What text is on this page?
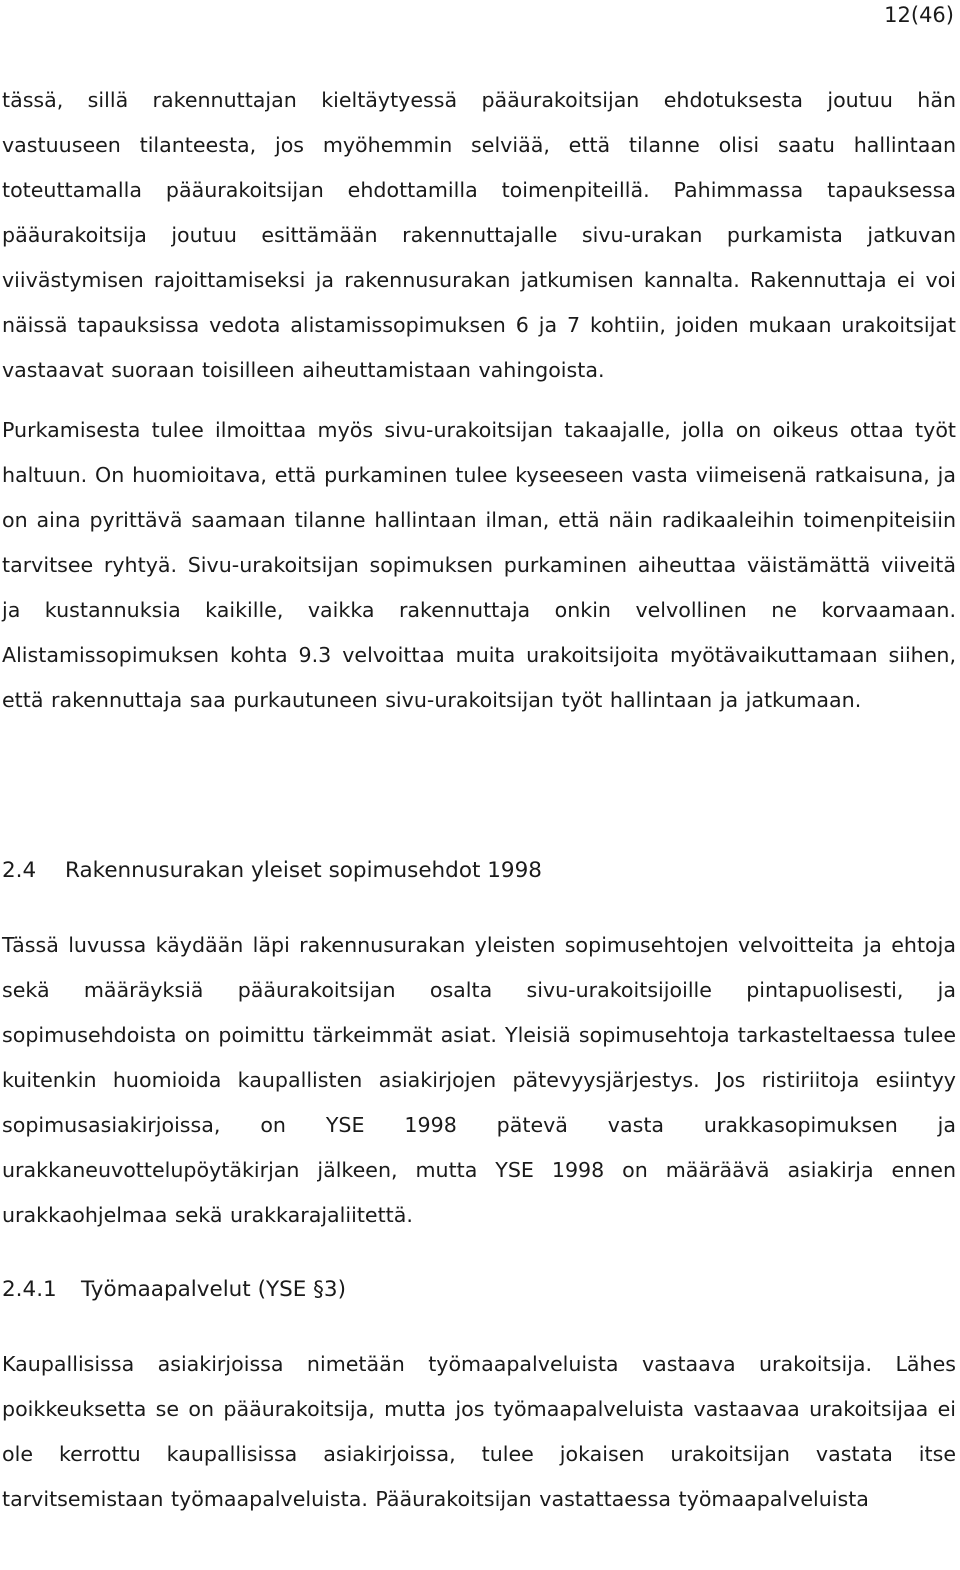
12(46)

tässä, sillä rakennuttajan kieltäytyessä pääurakoitsijan ehdotuksesta joutuu hän vastuuseen tilanteesta, jos myöhemmin selviää, että tilanne olisi saatu hallintaan toteuttamalla pääurakoitsijan ehdottamilla toimenpiteillä. Pahimmassa tapauksessa pääurakoitsija joutuu esittämään rakennuttajalle sivu-urakan purkamista jatkuvan viivästymisen rajoittamiseksi ja rakennusurakan jatkumisen kannalta. Rakennuttaja ei voi näissä tapauksissa vedota alistamissopimuksen 6 ja 7 kohtiin, joiden mukaan urakoitsijat vastaavat suoraan toisilleen aiheuttamistaan vahingoista.

Purkamisesta tulee ilmoittaa myös sivu-urakoitsijan takaajalle, jolla on oikeus ottaa työt haltuun. On huomioitava, että purkaminen tulee kyseeseen vasta viimeisenä ratkaisuna, ja on aina pyrittävä saamaan tilanne hallintaan ilman, että näin radikaaleihin toimenpiteisiin tarvitsee ryhtyä. Sivu-urakoitsijan sopimuksen purkaminen aiheuttaa väistämättä viiveitä ja kustannuksia kaikille, vaikka rakennuttaja onkin velvollinen ne korvaamaan. Alistamissopimuksen kohta 9.3 velvoittaa muita urakoitsijoita myötävaikuttamaan siihen, että rakennuttaja saa purkautuneen sivu-urakoitsijan työt hallintaan ja jatkumaan.

2.4	Rakennusurakan yleiset sopimusehdot 1998

Tässä luvussa käydään läpi rakennusurakan yleisten sopimusehtojen velvoitteita ja ehtoja sekä määräyksiä pääurakoitsijan osalta sivu-urakoitsijoille pintapuolisesti, ja sopimusehdoista on poimittu tärkeimmät asiat. Yleisiä sopimusehtoja tarkasteltaessa tulee kuitenkin huomioida kaupallisten asiakirjojen pätevyysjärjestys. Jos ristiriitoja esiintyy sopimusasiakirjoissa, on YSE 1998 pätevä vasta urakkasopimuksen ja urakkaneuvottelupöytäkirjan jälkeen, mutta YSE 1998 on määräävä asiakirja ennen urakkaohjelmaa sekä urakkarajaliitettä.

2.4.1	Työmaapalvelut (YSE §3)

Kaupallisissa asiakirjoissa nimetään työmaapalveluista vastaava urakoitsija. Lähes poikkeuksetta se on pääurakoitsija, mutta jos työmaapalveluista vastaavaa urakoitsijaa ei ole kerrottu kaupallisissa asiakirjoissa, tulee jokaisen urakoitsijan vastata itse tarvitsemistaan työmaapalveluista. Pääurakoitsijan vastattaessa työmaapalveluista
